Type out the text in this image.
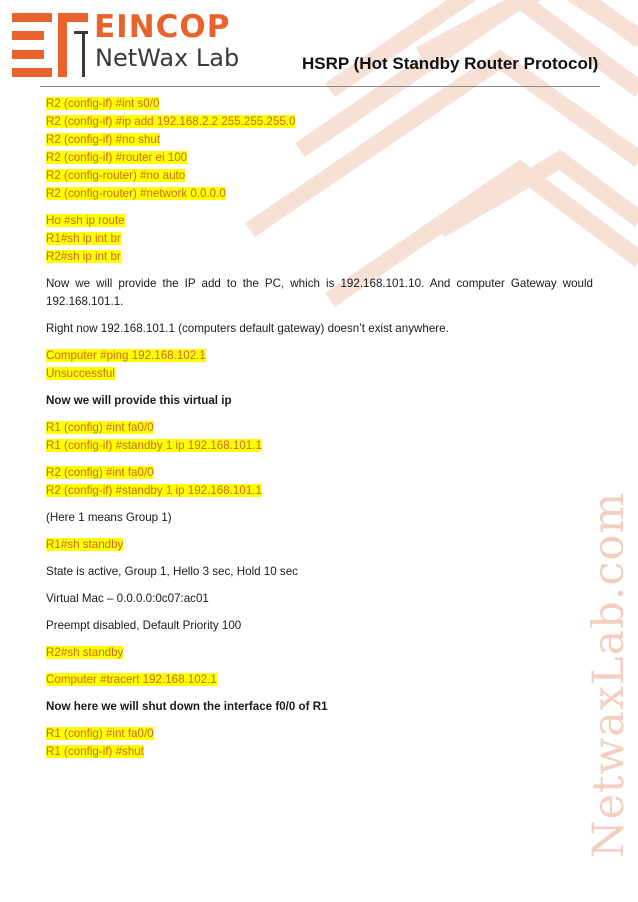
NetwaxLab.com
EINCOP
NetWax Lab	HSRP (Hot Standby Router Protocol)
R2 (config-if) #int s0/0
R2 (config-if) #ip add 192.168.2.2 255.255.255.0
R2 (config-if) #no shut
R2 (config-if) #router ei 100
R2 (config-router) #no auto
R2 (config-router) #network 0.0.0.0
Ho #sh ip route
R1#sh ip int br
R2#sh ip int br
Now we will provide the IP add to the PC, which is 192.168.101.10. And computer Gateway would 192.168.101.1.
Right now 192.168.101.1 (computers default gateway) doesn’t exist anywhere.
Computer #ping 192.168.102.1
Unsuccessful
Now we will provide this virtual ip
R1 (config) #int fa0/0
R1 (config-if) #standby 1 ip 192.168.101.1
R2 (config) #int fa0/0
R2 (config-if) #standby 1 ip 192.168.101.1
(Here 1 means Group 1)
R1#sh standby
State is active, Group 1, Hello 3 sec, Hold 10 sec
Virtual Mac – 0.0.0.0:0c07:ac01
Preempt disabled, Default Priority 100
R2#sh standby
Computer #tracert 192.168.102.1
Now here we will shut down the interface f0/0 of R1
R1 (config) #int fa0/0
R1 (config-if) #shut
